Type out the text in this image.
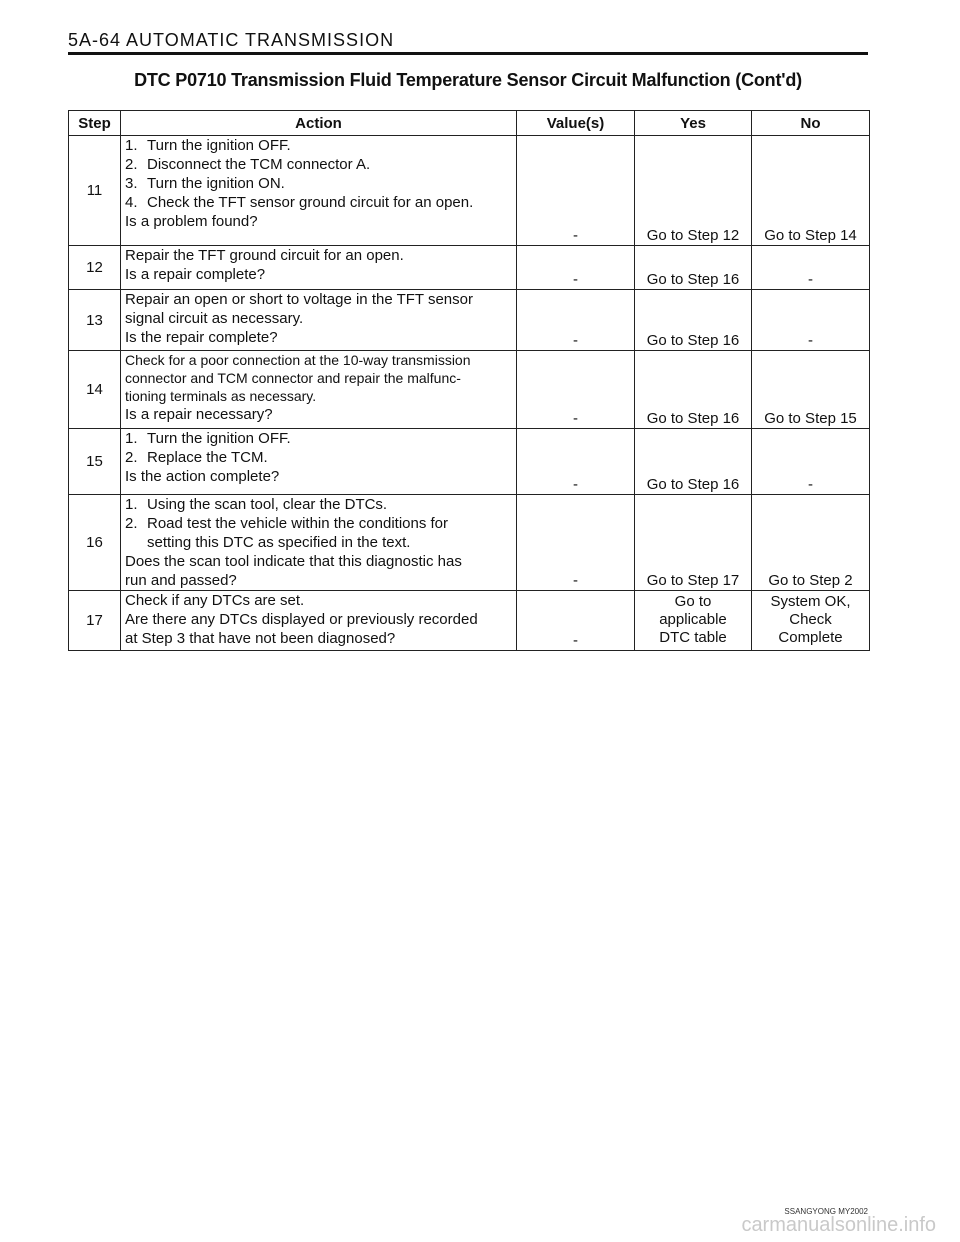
5A-64 AUTOMATIC TRANSMISSION
DTC P0710 Transmission Fluid Temperature Sensor Circuit Malfunction (Cont'd)
Step	Action	Value(s)	Yes	No
11	1. Turn the ignition OFF.
2. Disconnect the TCM connector A.
3. Turn the ignition ON.
4. Check the TFT sensor ground circuit for an open.
Is a problem found?	-	Go to Step 12	Go to Step 14
12	Repair the TFT ground circuit for an open.
Is a repair complete?	-	Go to Step 16	-
13	Repair an open or short to voltage in the TFT sensor
signal circuit as necessary.
Is the repair complete?	-	Go to Step 16	-
14	Check for a poor connection at the 10-way transmission
connector and TCM connector and repair the malfunc-
tioning terminals as necessary.
Is a repair necessary?	-	Go to Step 16	Go to Step 15
15	1. Turn the ignition OFF.
2. Replace the TCM.
Is the action complete?	-	Go to Step 16	-
16	1. Using the scan tool, clear the DTCs.
2. Road test the vehicle within the conditions for
setting this DTC as specified in the text.
Does the scan tool indicate that this diagnostic has
run and passed?	-	Go to Step 17	Go to Step 2
17	Check if any DTCs are set.
Are there any DTCs displayed or previously recorded
at Step 3 that have not been diagnosed?	-	Go to
applicable
DTC table	System OK,
Check
Complete
SSANGYONG MY2002
carmanualsonline.info
